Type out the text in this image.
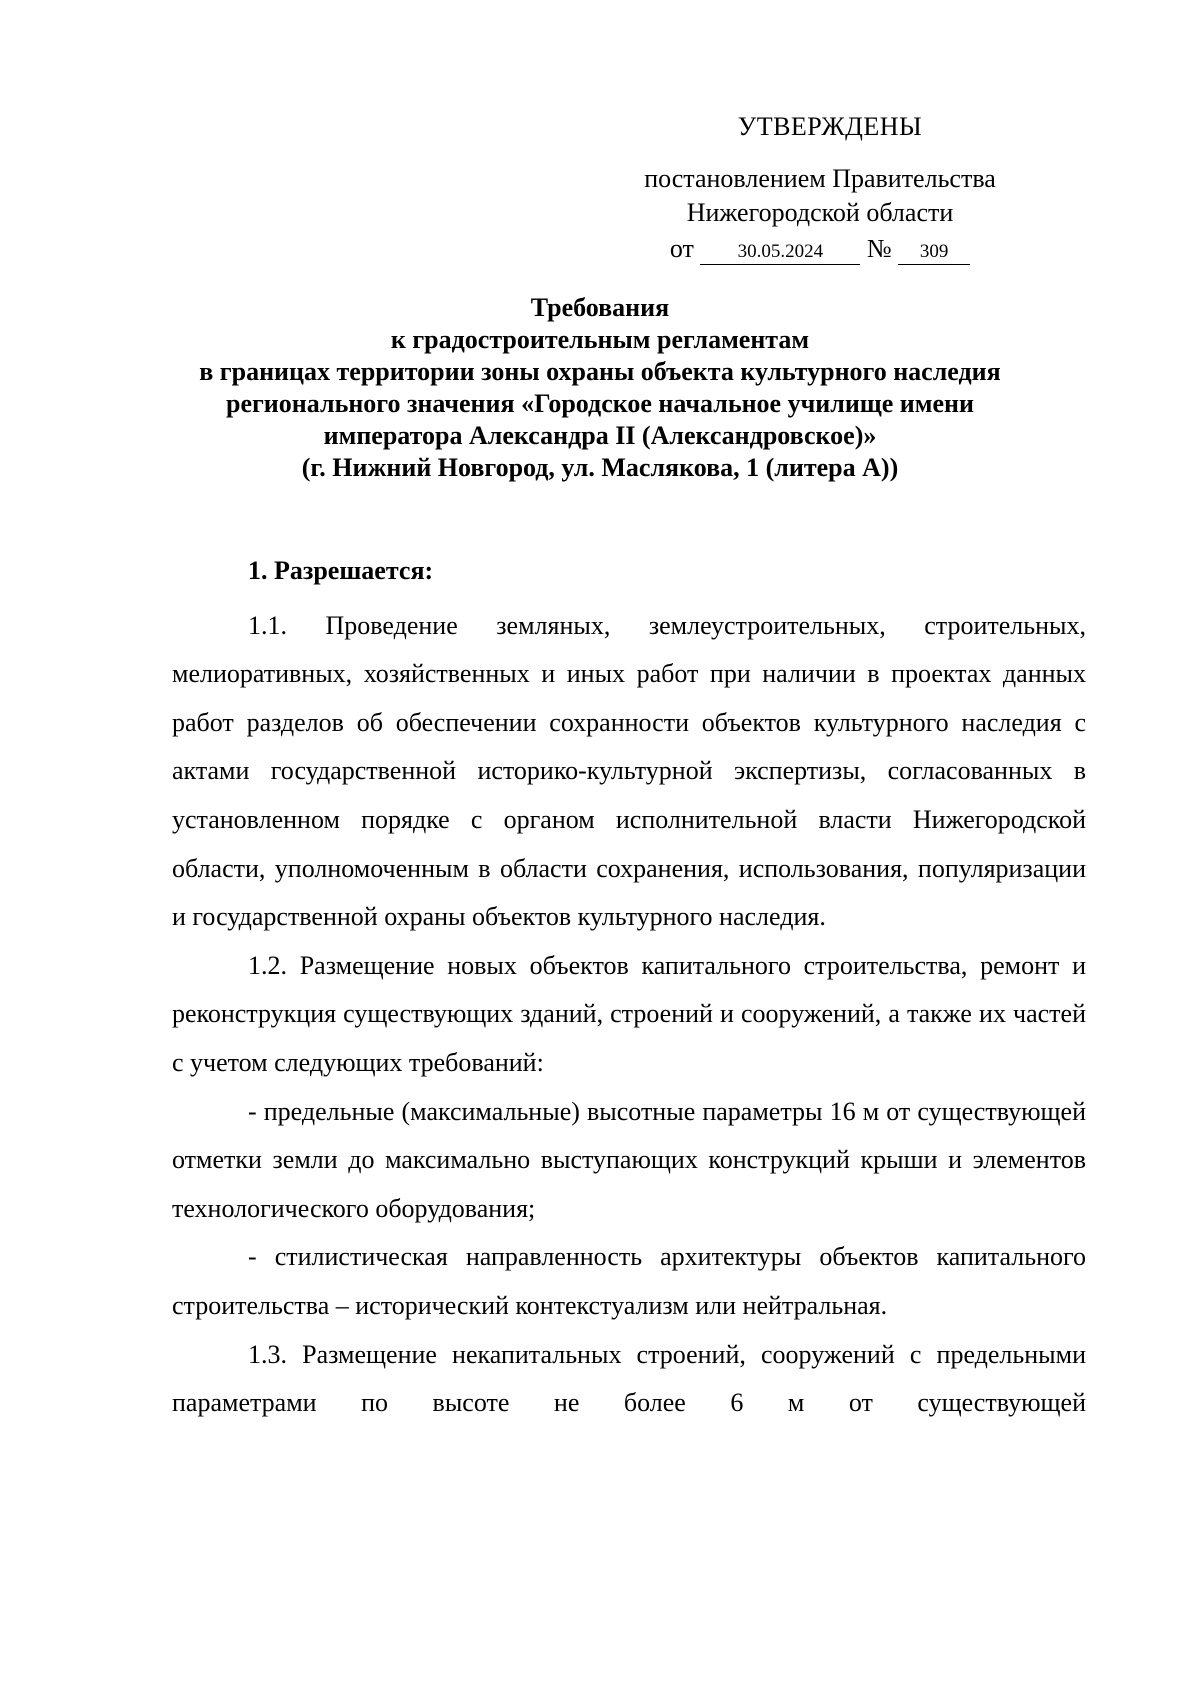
УТВЕРЖДЕНЫ

постановлением Правительства

Нижегородской области

от 30.05.2024 № 309

Требования

к градостроительным регламентам

в границах территории зоны охраны объекта культурного наследия

регионального значения «Городское начальное училище имени

императора Александра II (Александровское)»

(г. Нижний Новгород, ул. Маслякова, 1 (литера А))

1. Разрешается:

1.1. Проведение земляных, землеустроительных, строительных, мелиоративных, хозяйственных и иных работ при наличии в проектах данных работ разделов об обеспечении сохранности объектов культурного наследия с актами государственной историко-культурной экспертизы, согласованных в установленном порядке с органом исполнительной власти Нижегородской области, уполномоченным в области сохранения, использования, популяризации и государственной охраны объектов культурного наследия.

1.2. Размещение новых объектов капитального строительства, ремонт и реконструкция существующих зданий, строений и сооружений, а также их частей с учетом следующих требований:

- предельные (максимальные) высотные параметры 16 м от существующей отметки земли до максимально выступающих конструкций крыши и элементов технологического оборудования;

- стилистическая направленность архитектуры объектов капитального строительства – исторический контекстуализм или нейтральная.

1.3. Размещение некапитальных строений, сооружений с предельными параметрами по высоте не более 6 м от существующей
